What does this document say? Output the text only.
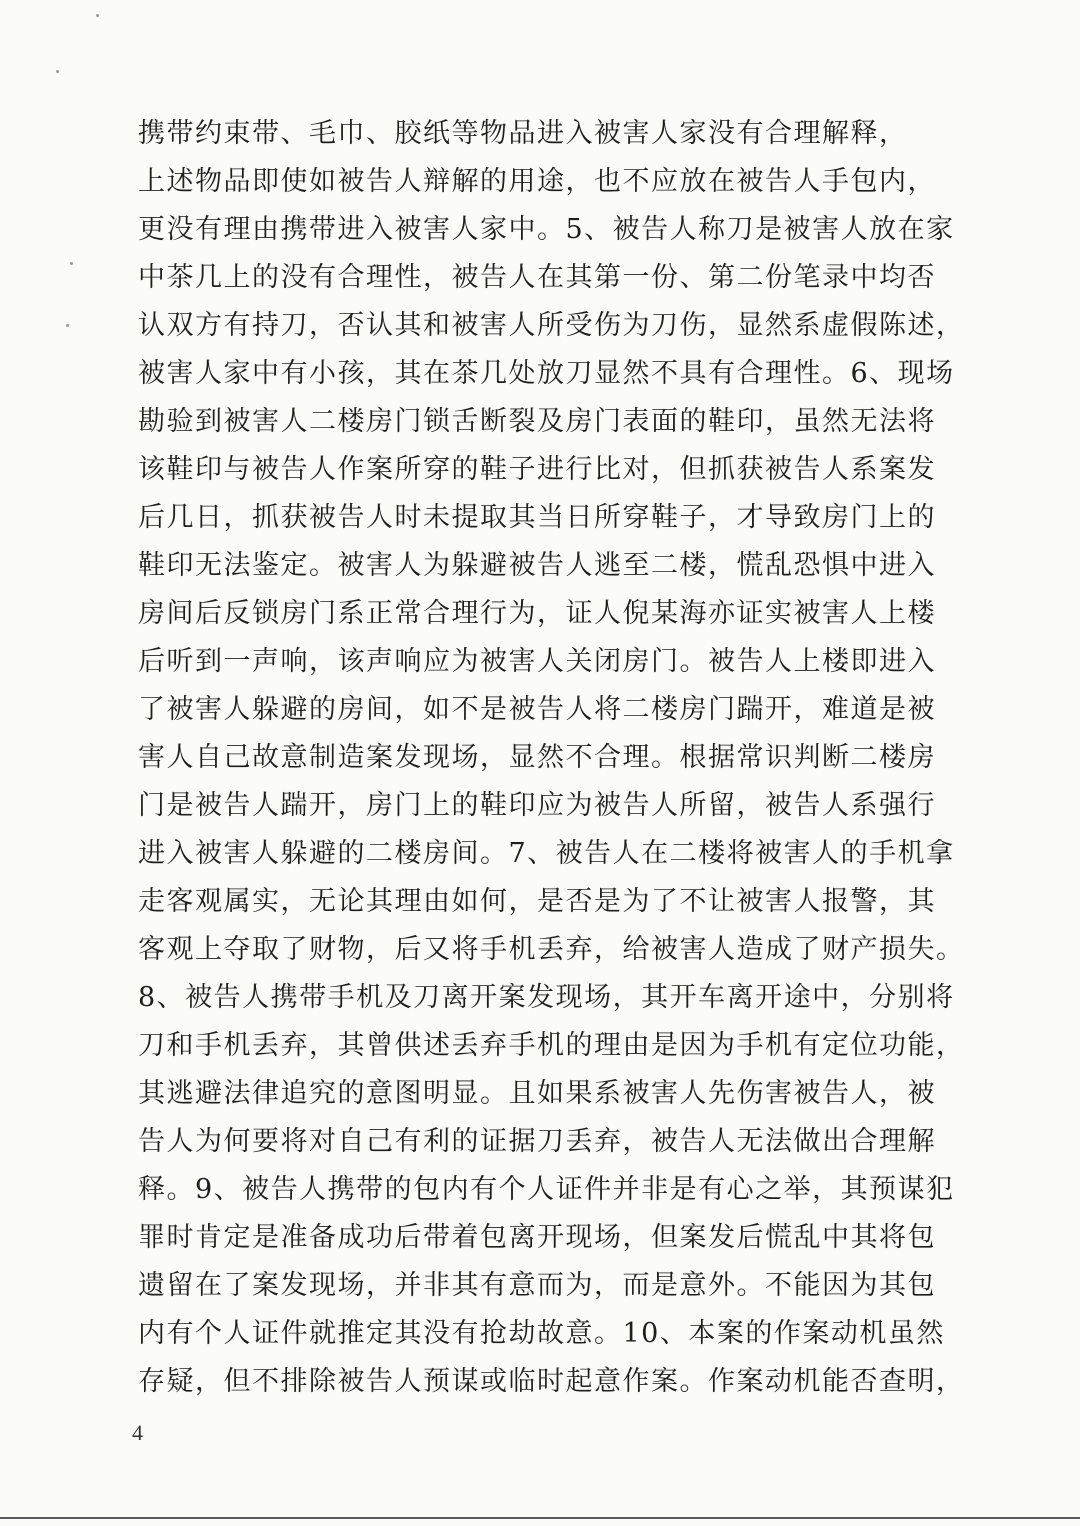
携带约束带、毛巾、胶纸等物品进入被害人家没有合理解释，
上述物品即使如被告人辩解的用途，也不应放在被告人手包内，
更没有理由携带进入被害人家中。5、被告人称刀是被害人放在家
中茶几上的没有合理性，被告人在其第一份、第二份笔录中均否
认双方有持刀，否认其和被害人所受伤为刀伤，显然系虚假陈述，
被害人家中有小孩，其在茶几处放刀显然不具有合理性。6、现场
勘验到被害人二楼房门锁舌断裂及房门表面的鞋印，虽然无法将
该鞋印与被告人作案所穿的鞋子进行比对，但抓获被告人系案发
后几日，抓获被告人时未提取其当日所穿鞋子，才导致房门上的
鞋印无法鉴定。被害人为躲避被告人逃至二楼，慌乱恐惧中进入
房间后反锁房门系正常合理行为，证人倪某海亦证实被害人上楼
后听到一声响，该声响应为被害人关闭房门。被告人上楼即进入
了被害人躲避的房间，如不是被告人将二楼房门踹开，难道是被
害人自己故意制造案发现场，显然不合理。根据常识判断二楼房
门是被告人踹开，房门上的鞋印应为被告人所留，被告人系强行
进入被害人躲避的二楼房间。7、被告人在二楼将被害人的手机拿
走客观属实，无论其理由如何，是否是为了不让被害人报警，其
客观上夺取了财物，后又将手机丢弃，给被害人造成了财产损失。
8、被告人携带手机及刀离开案发现场，其开车离开途中，分别将
刀和手机丢弃，其曾供述丢弃手机的理由是因为手机有定位功能，
其逃避法律追究的意图明显。且如果系被害人先伤害被告人，被
告人为何要将对自己有利的证据刀丢弃，被告人无法做出合理解
释。9、被告人携带的包内有个人证件并非是有心之举，其预谋犯
罪时肯定是准备成功后带着包离开现场，但案发后慌乱中其将包
遗留在了案发现场，并非其有意而为，而是意外。不能因为其包
内有个人证件就推定其没有抢劫故意。10、本案的作案动机虽然
存疑，但不排除被告人预谋或临时起意作案。作案动机能否查明，
4
